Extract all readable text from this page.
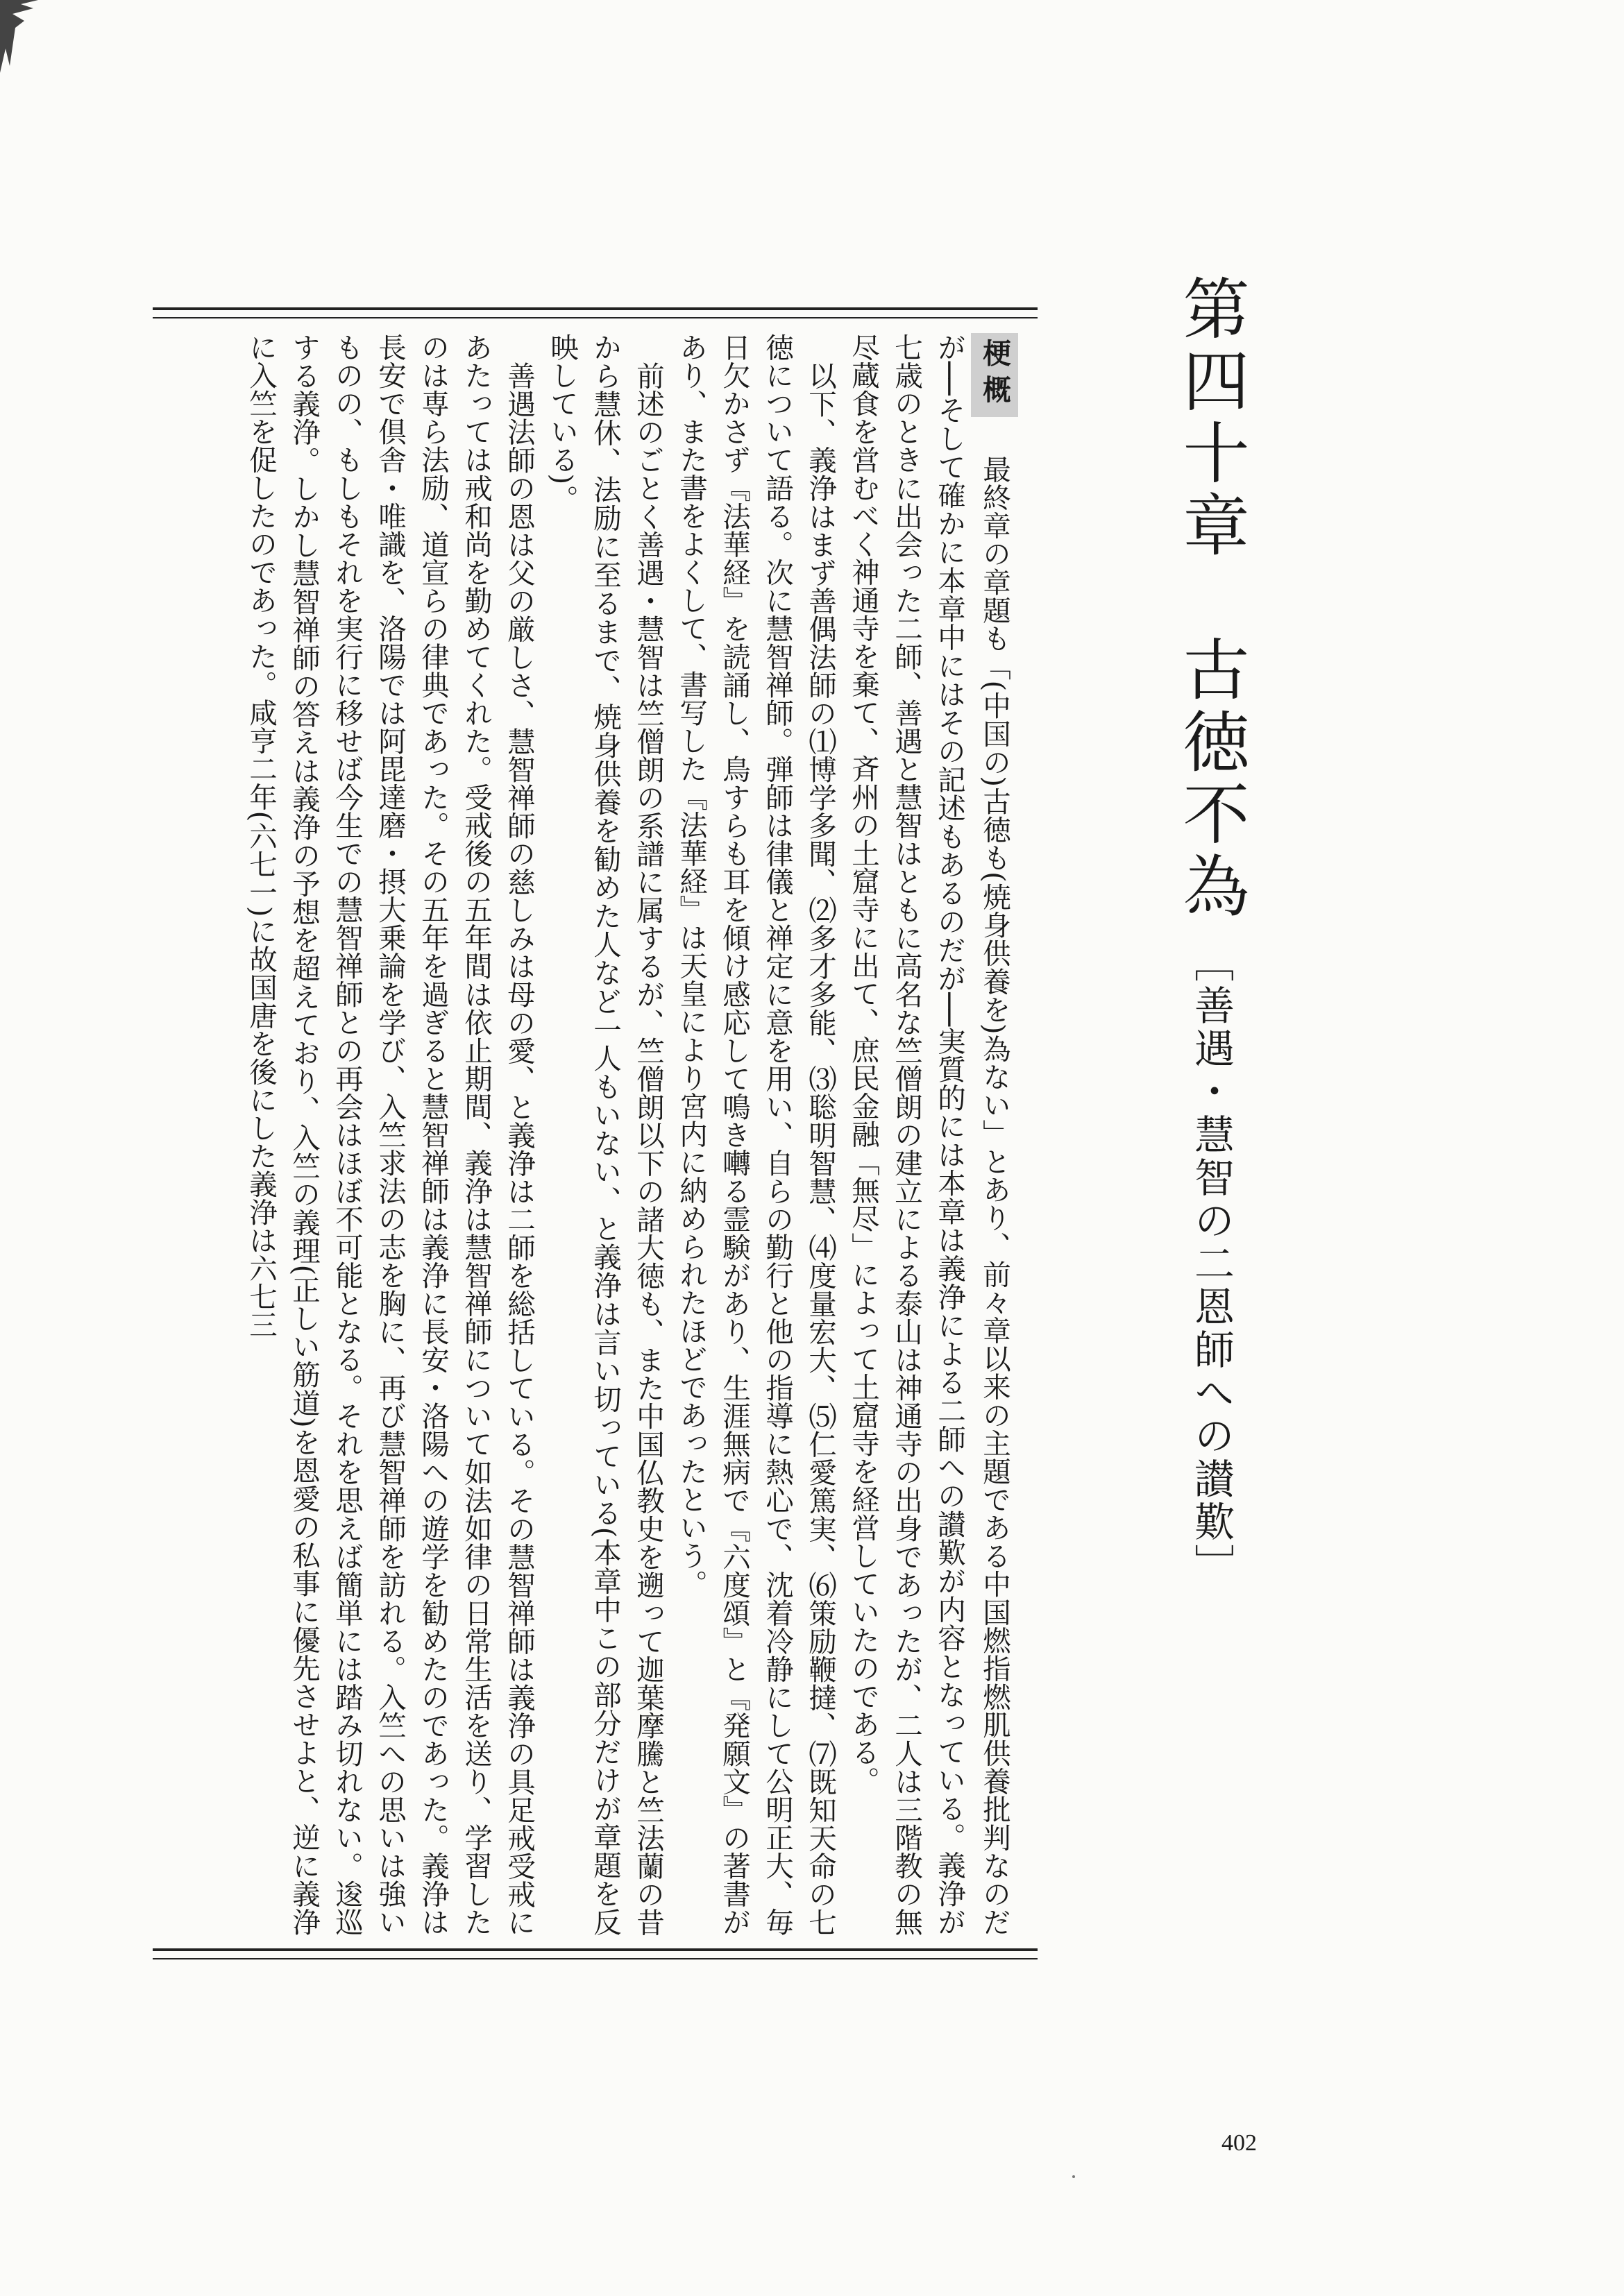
第四十章　古徳不為［善遇・慧智の二恩師への讃歎］

梗概　最終章の章題も「(中国の)古徳も(焼身供養を)為ない」とあり、前々章以来の主題である中国燃指燃肌供養批判なのだが──そして確かに本章中にはその記述もあるのだが──実質的には本章は義浄による二師への讃歎が内容となっている。義浄が七歳のときに出会った二師、善遇と慧智はともに高名な竺僧朗の建立による泰山は神通寺の出身であったが、二人は三階教の無尽蔵食を営むべく神通寺を棄て、斉州の土窟寺に出て、庶民金融「無尽」によって土窟寺を経営していたのである。

以下、義浄はまず善偶法師の⑴博学多聞、⑵多才多能、⑶聡明智慧、⑷度量宏大、⑸仁愛篤実、⑹策励鞭撻、⑺既知天命の七徳について語る。次に慧智禅師。弾師は律儀と禅定に意を用い、自らの勤行と他の指導に熱心で、沈着冷静にして公明正大、毎日欠かさず『法華経』を読誦し、鳥すらも耳を傾け感応して鳴き囀る霊験があり、生涯無病で『六度頌』と『発願文』の著書があり、また書をよくして、書写した『法華経』は天皇により宮内に納められたほどであったという。

前述のごとく善遇・慧智は竺僧朗の系譜に属するが、竺僧朗以下の諸大徳も、また中国仏教史を遡って迦葉摩騰と竺法蘭の昔から慧休、法励に至るまで、焼身供養を勧めた人など一人もいない、と義浄は言い切っている(本章中この部分だけが章題を反映している)。

善遇法師の恩は父の厳しさ、慧智禅師の慈しみは母の愛、と義浄は二師を総括している。その慧智禅師は義浄の具足戒受戒にあたっては戒和尚を勤めてくれた。受戒後の五年間は依止期間、義浄は慧智禅師について如法如律の日常生活を送り、学習したのは専ら法励、道宣らの律典であった。その五年を過ぎると慧智禅師は義浄に長安・洛陽への遊学を勧めたのであった。義浄は長安で倶舎・唯識を、洛陽では阿毘達磨・摂大乗論を学び、入竺求法の志を胸に、再び慧智禅師を訪れる。入竺への思いは強いものの、もしもそれを実行に移せば今生での慧智禅師との再会はほぼ不可能となる。それを思えば簡単には踏み切れない。逡巡する義浄。しかし慧智禅師の答えは義浄の予想を超えており、入竺の義理(正しい筋道)を恩愛の私事に優先させよと、逆に義浄に入竺を促したのであった。咸亨二年(六七一)に故国唐を後にした義浄は六七三

402
